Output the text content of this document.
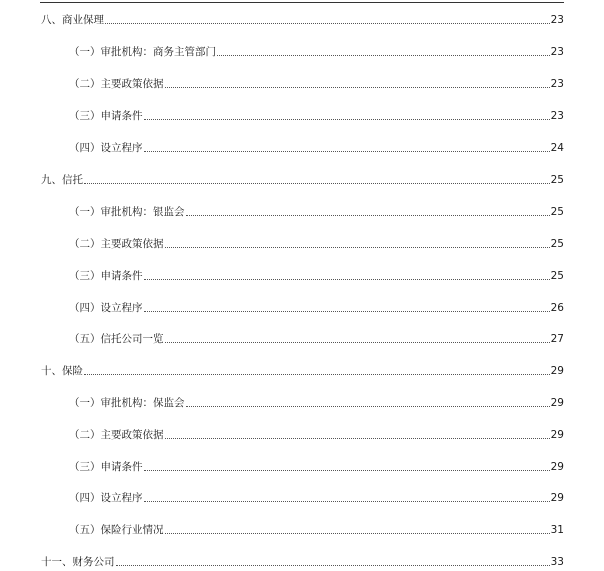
八、商业保理	23
（一）审批机构：商务主管部门	23
（二）主要政策依据	23
（三）申请条件	23
（四）设立程序	24
九、信托	25
（一）审批机构：银监会	25
（二）主要政策依据	25
（三）申请条件	25
（四）设立程序	26
（五）信托公司一览	27
十、保险	29
（一）审批机构：保监会	29
（二）主要政策依据	29
（三）申请条件	29
（四）设立程序	29
（五）保险行业情况	31
十一、财务公司	33
